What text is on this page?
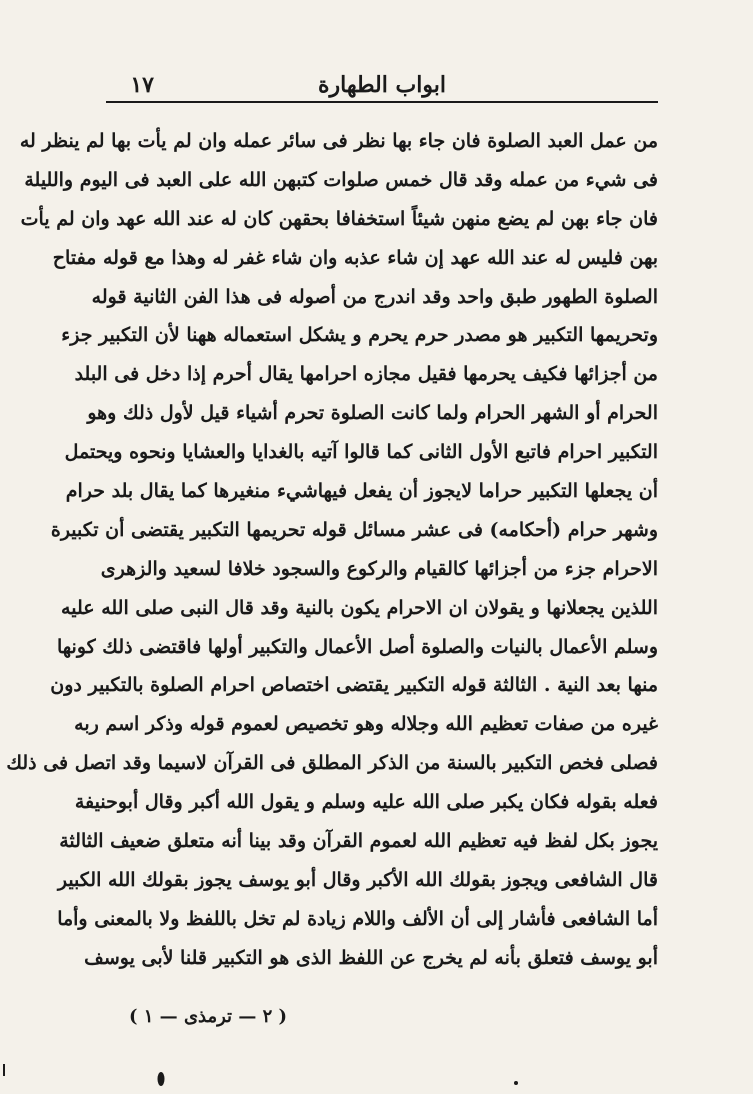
ابواب الطهارة
١٧
من عمل العبد الصلوة فان جاء بها نظر فى سائر عمله وان لم يأت بها لم ينظر له
فى شيء من عمله وقد قال خمس صلوات كتبهن الله على العبد فى اليوم والليلة
فان جاء بهن لم يضع منهن شيئاً استخفافا بحقهن كان له عند الله عهد وان لم يأت
بهن فليس له عند الله عهد إن شاء عذبه وان شاء غفر له وهذا مع قوله مفتاح
الصلوة الطهور طبق واحد وقد اندرج من أصوله فى هذا الفن الثانية قوله
وتحريمها التكبير هو مصدر حرم يحرم و يشكل استعماله ههنا لأن التكبير جزء
من أجزائها فكيف يحرمها فقيل مجازه احرامها يقال أحرم إذا دخل فى البلد
الحرام أو الشهر الحرام ولما كانت الصلوة تحرم أشياء قيل لأول ذلك وهو
التكبير احرام فاتبع الأول الثانى كما قالوا آتيه بالغدايا والعشايا ونحوه ويحتمل
أن يجعلها التكبير حراما لايجوز أن يفعل فيهاشيء منغيرها كما يقال بلد حرام
وشهر حرام (أحكامه) فى عشر مسائل قوله تحريمها التكبير يقتضى أن تكبيرة
الاحرام جزء من أجزائها كالقيام والركوع والسجود خلافا لسعيد والزهرى
اللذين يجعلانها و يقولان ان الاحرام يكون بالنية وقد قال النبى صلى الله عليه
وسلم الأعمال بالنيات والصلوة أصل الأعمال والتكبير أولها فاقتضى ذلك كونها
منها بعد النية . الثالثة قوله التكبير يقتضى اختصاص احرام الصلوة بالتكبير دون
غيره من صفات تعظيم الله وجلاله وهو تخصيص لعموم قوله وذكر اسم ربه
فصلى فخص التكبير بالسنة من الذكر المطلق فى القرآن لاسيما وقد اتصل فى ذلك
فعله بقوله فكان يكبر صلى الله عليه وسلم و يقول الله أكبر وقال أبوحنيفة
يجوز بكل لفظ فيه تعظيم الله لعموم القرآن وقد بينا أنه متعلق ضعيف الثالثة
قال الشافعى ويجوز بقولك الله الأكبر وقال أبو يوسف يجوز بقولك الله الكبير
أما الشافعى فأشار إلى أن الألف واللام زيادة لم تخل باللفظ ولا بالمعنى وأما
أبو يوسف فتعلق بأنه لم يخرج عن اللفظ الذى هو التكبير قلنا لأبى يوسف
( ٢ — ترمذى — ١ )
